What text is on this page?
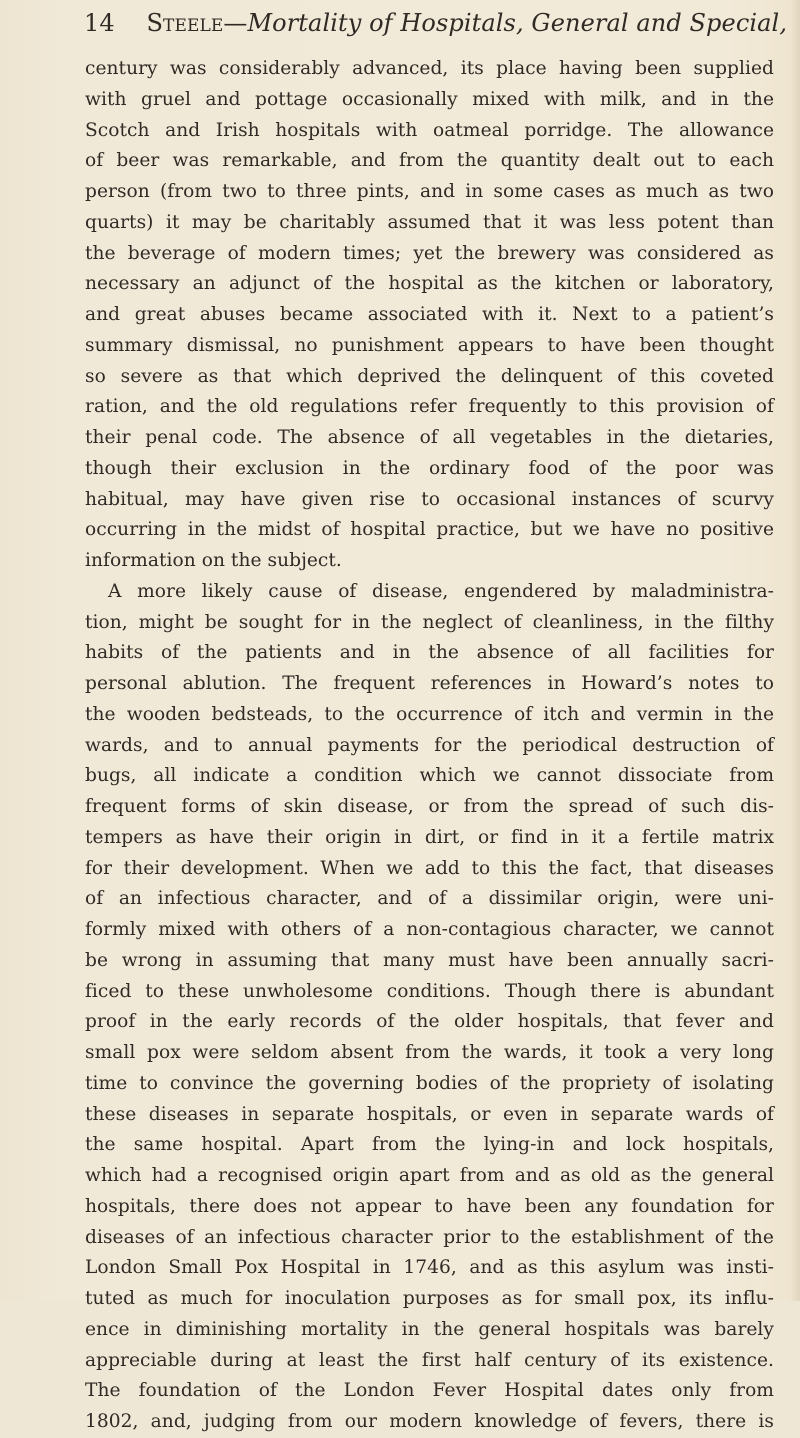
14 Steele—Mortality of Hospitals, General and Special,
century was considerably advanced, its place having been supplied
with gruel and pottage occasionally mixed with milk, and in the
Scotch and Irish hospitals with oatmeal porridge. The allowance
of beer was remarkable, and from the quantity dealt out to each
person (from two to three pints, and in some cases as much as two
quarts) it may be charitably assumed that it was less potent than
the beverage of modern times; yet the brewery was considered as
necessary an adjunct of the hospital as the kitchen or laboratory,
and great abuses became associated with it. Next to a patient’s
summary dismissal, no punishment appears to have been thought
so severe as that which deprived the delinquent of this coveted
ration, and the old regulations refer frequently to this provision of
their penal code. The absence of all vegetables in the dietaries,
though their exclusion in the ordinary food of the poor was
habitual, may have given rise to occasional instances of scurvy
occurring in the midst of hospital practice, but we have no positive
information on the subject.
A more likely cause of disease, engendered by maladministra-
tion, might be sought for in the neglect of cleanliness, in the filthy
habits of the patients and in the absence of all facilities for
personal ablution. The frequent references in Howard’s notes to
the wooden bedsteads, to the occurrence of itch and vermin in the
wards, and to annual payments for the periodical destruction of
bugs, all indicate a condition which we cannot dissociate from
frequent forms of skin disease, or from the spread of such dis-
tempers as have their origin in dirt, or find in it a fertile matrix
for their development. When we add to this the fact, that diseases
of an infectious character, and of a dissimilar origin, were uni-
formly mixed with others of a non-contagious character, we cannot
be wrong in assuming that many must have been annually sacri-
ficed to these unwholesome conditions. Though there is abundant
proof in the early records of the older hospitals, that fever and
small pox were seldom absent from the wards, it took a very long
time to convince the governing bodies of the propriety of isolating
these diseases in separate hospitals, or even in separate wards of
the same hospital. Apart from the lying-in and lock hospitals,
which had a recognised origin apart from and as old as the general
hospitals, there does not appear to have been any foundation for
diseases of an infectious character prior to the establishment of the
London Small Pox Hospital in 1746, and as this asylum was insti-
tuted as much for inoculation purposes as for small pox, its influ-
ence in diminishing mortality in the general hospitals was barely
appreciable during at least the first half century of its existence.
The foundation of the London Fever Hospital dates only from
1802, and, judging from our modern knowledge of fevers, there is
